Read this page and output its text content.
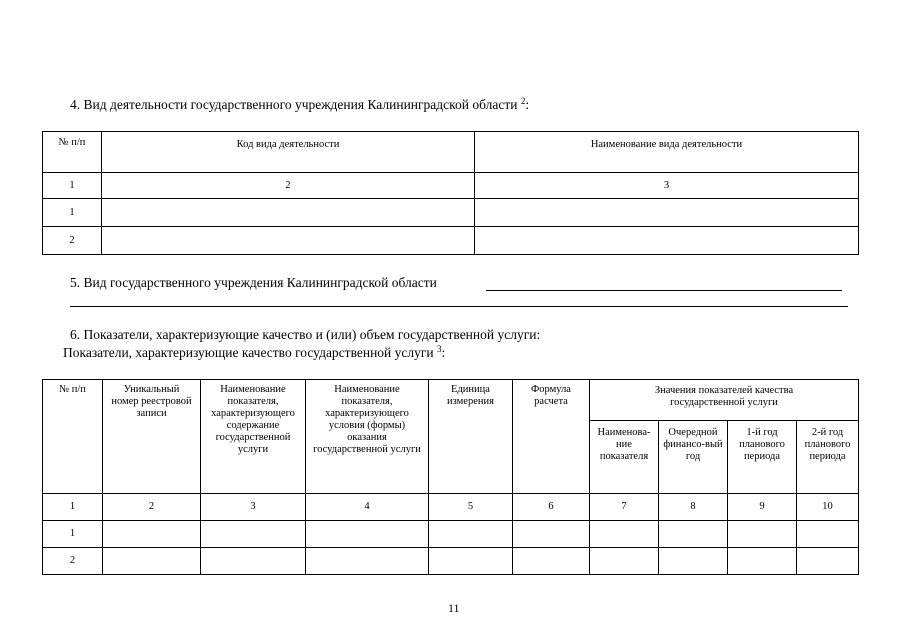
4. Вид деятельности государственного учреждения Калининградской области $^2$:
№ п/п	Код вида деятельности	Наименование вида деятельности
1	2	3
1		
2		
5. Вид государственного учреждения Калининградской области
6. Показатели, характеризующие качество и (или) объем государственной услуги:
Показатели, характеризующие качество государственной услуги $^3$:
№ п/п	Уникальный номер реестровой записи	Наименование показателя, характеризующего содержание государственной услуги	Наименование показателя, характеризующего условия (формы) оказания государственной услуги	Единица измерения	Формула расчета	Значения показателей качества государственной услуги			
						Наименова-ние показателя	Очередной финансо-вый год	1-й год планового периода	2-й год планового периода
1	2	3	4	5	6	7	8	9	10
1									
2									
11
